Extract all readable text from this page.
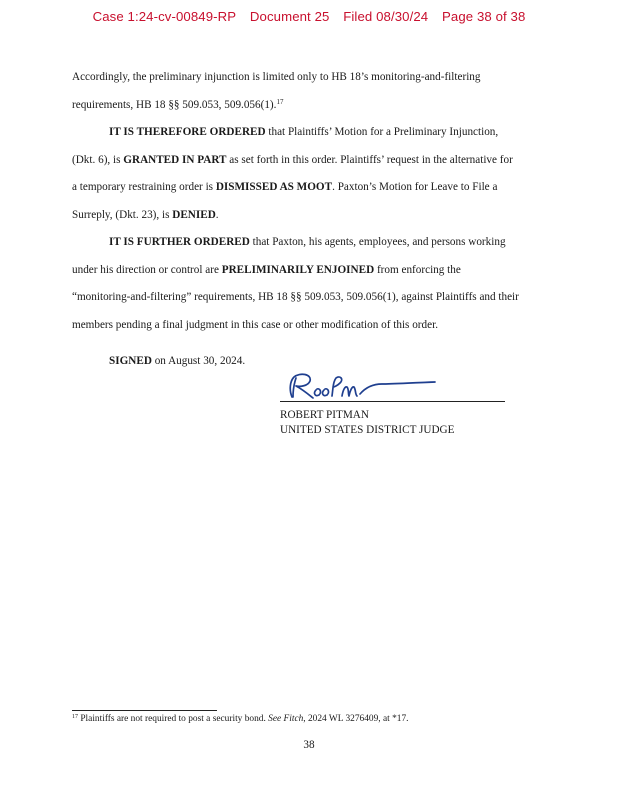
Case 1:24-cv-00849-RP Document 25 Filed 08/30/24 Page 38 of 38
Accordingly, the preliminary injunction is limited only to HB 18’s monitoring-and-filtering
requirements, HB 18 §§ 509.053, 509.056(1).$^{17}$
IT IS THEREFORE ORDERED that Plaintiffs’ Motion for a Preliminary Injunction,
(Dkt. 6), is GRANTED IN PART as set forth in this order. Plaintiffs’ request in the alternative for
a temporary restraining order is DISMISSED AS MOOT. Paxton’s Motion for Leave to File a
Surreply, (Dkt. 23), is DENIED.
IT IS FURTHER ORDERED that Paxton, his agents, employees, and persons working
under his direction or control are PRELIMINARILY ENJOINED from enforcing the
“monitoring-and-filtering” requirements, HB 18 §§ 509.053, 509.056(1), against Plaintiffs and their
members pending a final judgment in this case or other modification of this order.
SIGNED on August 30, 2024.
ROBERT PITMAN
UNITED STATES DISTRICT JUDGE
$^{17}$ Plaintiffs are not required to post a security bond. See Fitch, 2024 WL 3276409, at *17.
38
